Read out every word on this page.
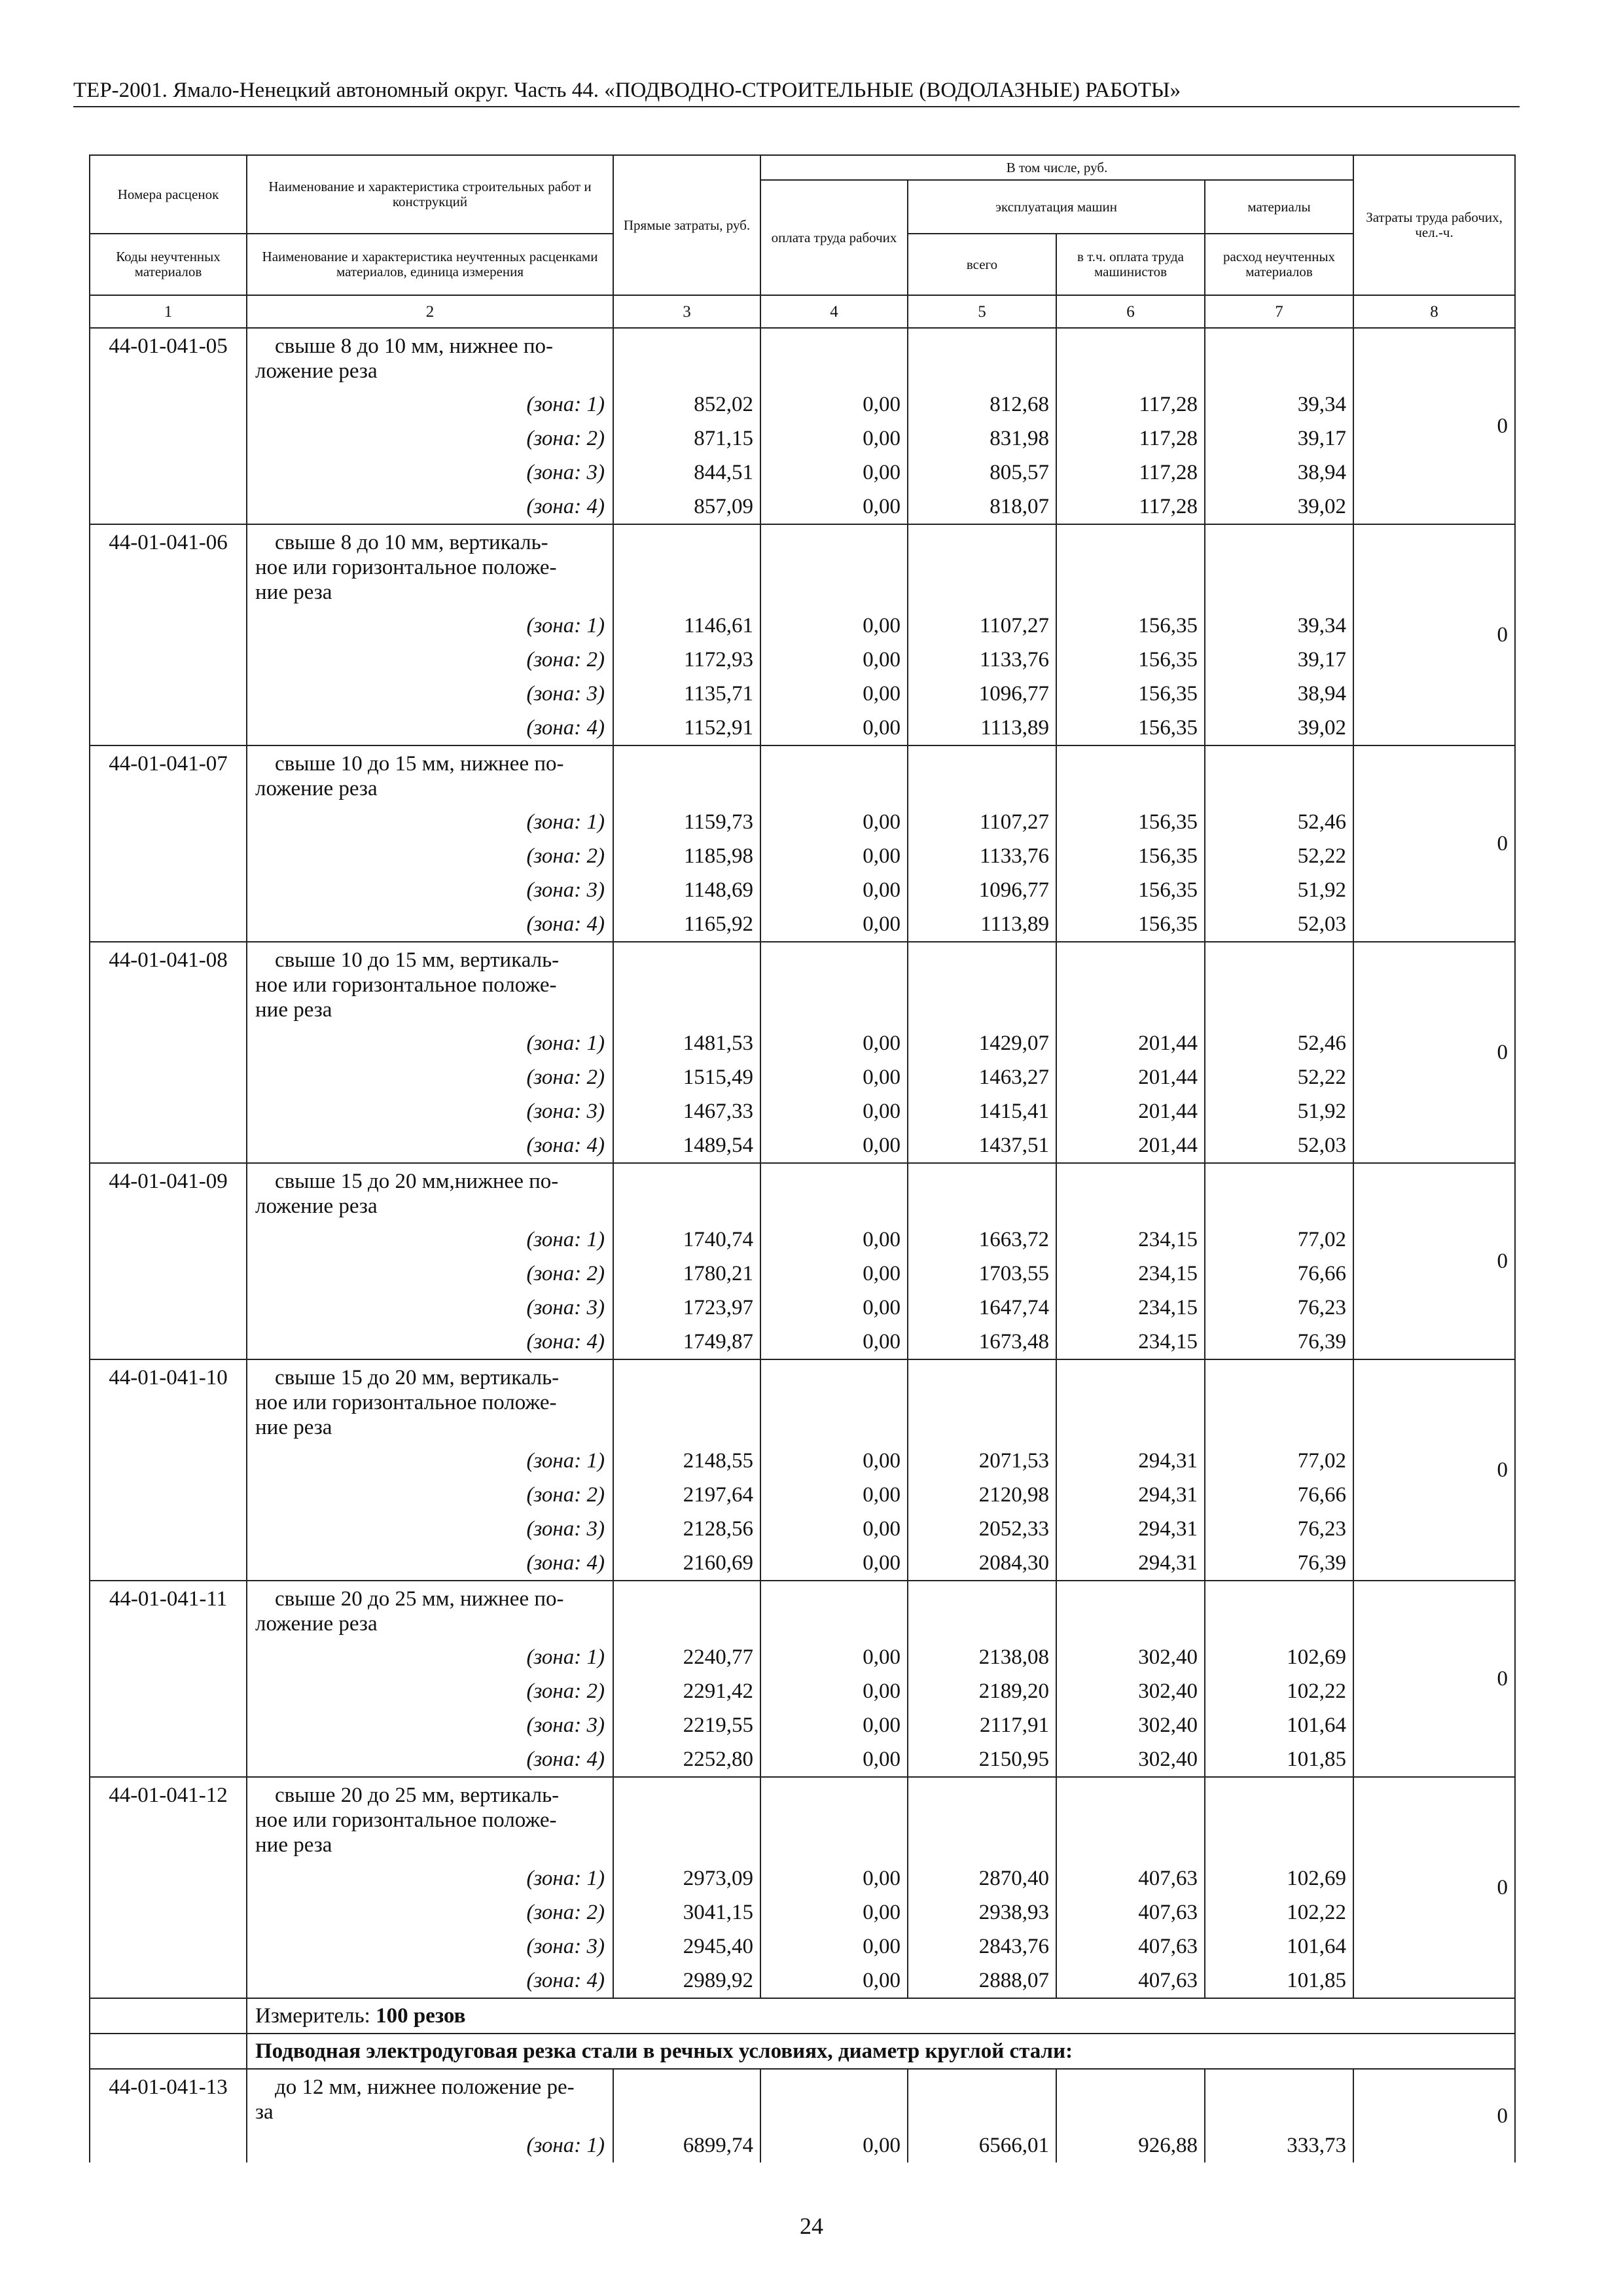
ТЕР-2001. Ямало-Ненецкий автономный округ. Часть 44. «ПОДВОДНО-СТРОИТЕЛЬНЫЕ (ВОДОЛАЗНЫЕ) РАБОТЫ»
Номера расценок	Наименование и характеристика строительных работ и конструкций	Прямые затраты, руб.	В том числе, руб.				Затраты труда рабочих, чел.-ч.
			оплата труда рабочих	эксплуатация машин		материалы	
Коды неучтенных материалов	Наименование и характеристика неучтенных расценками материалов, единица измерения			всего	в т.ч. оплата труда машинистов	расход неучтенных материалов	
1	2	3	4	5	6	7	8
44-01-041-05	свыше 8 до 10 мм, нижнее по-
ложение реза						0
	(зона: 1)	852,02	0,00	812,68	117,28	39,34	
	(зона: 2)	871,15	0,00	831,98	117,28	39,17	
	(зона: 3)	844,51	0,00	805,57	117,28	38,94	
	(зона: 4)	857,09	0,00	818,07	117,28	39,02	
44-01-041-06	свыше 8 до 10 мм, вертикаль-
ное или горизонтальное положе-
ние реза						0
	(зона: 1)	1146,61	0,00	1107,27	156,35	39,34	
	(зона: 2)	1172,93	0,00	1133,76	156,35	39,17	
	(зона: 3)	1135,71	0,00	1096,77	156,35	38,94	
	(зона: 4)	1152,91	0,00	1113,89	156,35	39,02	
44-01-041-07	свыше 10 до 15 мм, нижнее по-
ложение реза						0
	(зона: 1)	1159,73	0,00	1107,27	156,35	52,46	
	(зона: 2)	1185,98	0,00	1133,76	156,35	52,22	
	(зона: 3)	1148,69	0,00	1096,77	156,35	51,92	
	(зона: 4)	1165,92	0,00	1113,89	156,35	52,03	
44-01-041-08	свыше 10 до 15 мм, вертикаль-
ное или горизонтальное положе-
ние реза						0
	(зона: 1)	1481,53	0,00	1429,07	201,44	52,46	
	(зона: 2)	1515,49	0,00	1463,27	201,44	52,22	
	(зона: 3)	1467,33	0,00	1415,41	201,44	51,92	
	(зона: 4)	1489,54	0,00	1437,51	201,44	52,03	
44-01-041-09	свыше 15 до 20 мм,нижнее по-
ложение реза						0
	(зона: 1)	1740,74	0,00	1663,72	234,15	77,02	
	(зона: 2)	1780,21	0,00	1703,55	234,15	76,66	
	(зона: 3)	1723,97	0,00	1647,74	234,15	76,23	
	(зона: 4)	1749,87	0,00	1673,48	234,15	76,39	
44-01-041-10	свыше 15 до 20 мм, вертикаль-
ное или горизонтальное положе-
ние реза						0
	(зона: 1)	2148,55	0,00	2071,53	294,31	77,02	
	(зона: 2)	2197,64	0,00	2120,98	294,31	76,66	
	(зона: 3)	2128,56	0,00	2052,33	294,31	76,23	
	(зона: 4)	2160,69	0,00	2084,30	294,31	76,39	
44-01-041-11	свыше 20 до 25 мм, нижнее по-
ложение реза						0
	(зона: 1)	2240,77	0,00	2138,08	302,40	102,69	
	(зона: 2)	2291,42	0,00	2189,20	302,40	102,22	
	(зона: 3)	2219,55	0,00	2117,91	302,40	101,64	
	(зона: 4)	2252,80	0,00	2150,95	302,40	101,85	
44-01-041-12	свыше 20 до 25 мм, вертикаль-
ное или горизонтальное положе-
ние реза						0
	(зона: 1)	2973,09	0,00	2870,40	407,63	102,69	
	(зона: 2)	3041,15	0,00	2938,93	407,63	102,22	
	(зона: 3)	2945,40	0,00	2843,76	407,63	101,64	
	(зона: 4)	2989,92	0,00	2888,07	407,63	101,85	
	Измеритель: 100 резов						
	Подводная электродуговая резка стали в речных условиях, диаметр круглой стали:						
44-01-041-13	до 12 мм, нижнее положение ре-
за						0
	(зона: 1)	6899,74	0,00	6566,01	926,88	333,73	
24
